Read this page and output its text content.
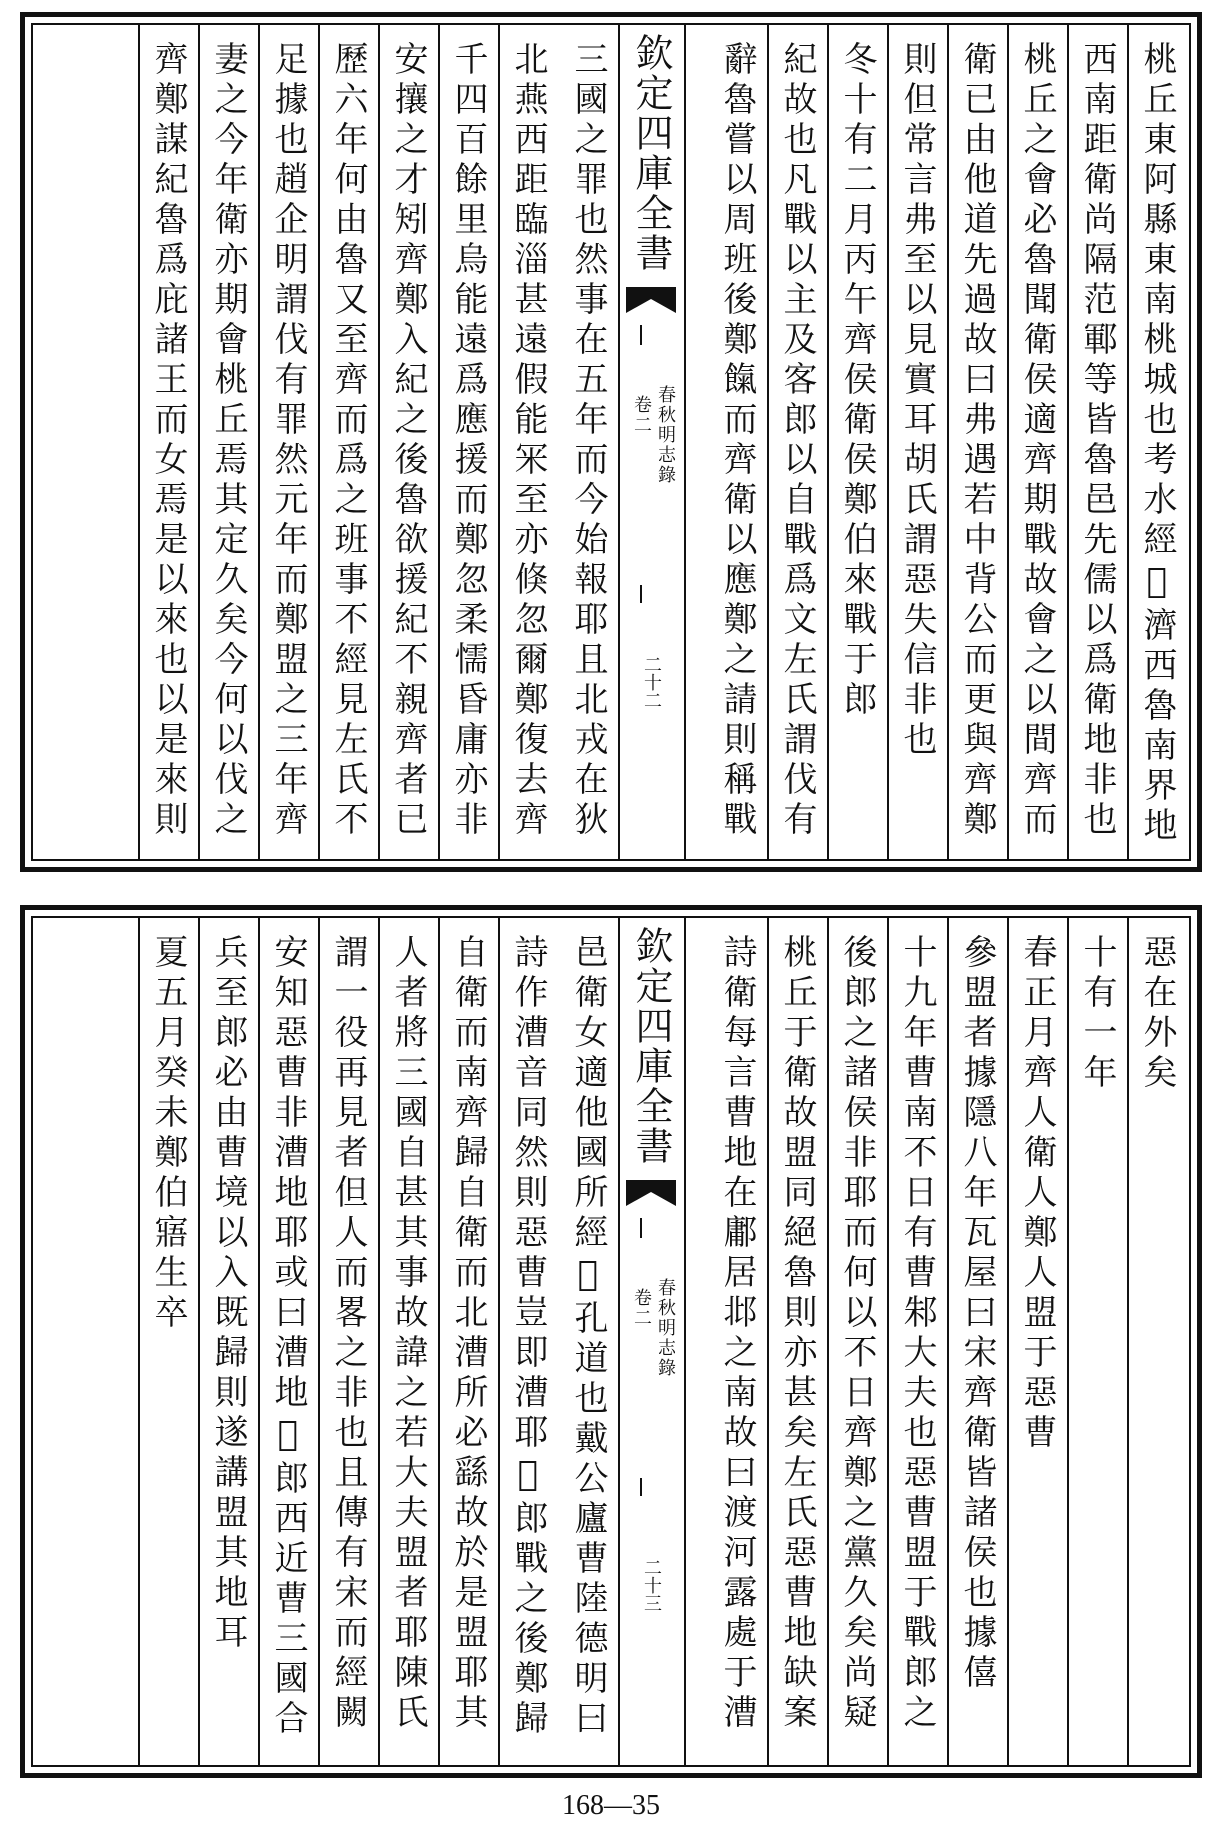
桃丘東阿縣東南桃城也考水經𦶜濟西魯南界地
西南距衛尚隔范鄆等皆魯邑先儒以爲衛地非也
桃丘之會必魯聞衛侯適齊期戰故會之以間齊而
衛已由他道先過故曰弗遇若中背公而更與齊鄭
則但常言弗至以見實耳胡氏謂惡失信非也
冬十有二月丙午齊侯衛侯鄭伯來戰于郎
紀故也凡戰以主及客郎以自戰爲文左氏謂伐有
辭魯嘗以周班後鄭餼而齊衛以應鄭之請則稱戰
欽定四庫全書
春秋明志錄
卷二
二十二
三國之罪也然事在五年而今始報耶且北戎在狄
北燕西距臨淄甚遠假能冞至亦倏忽爾鄭復去齊
千四百餘里烏能遠爲應援而鄭忽柔懦昏庸亦非
安攘之才矧齊鄭入紀之後魯欲援紀不親齊者已
歷六年何由魯又至齊而爲之班事不經見左氏不
足據也趙企明謂伐有罪然元年而鄭盟之三年齊
妻之今年衛亦期會桃丘焉其定久矣今何以伐之
齊鄭謀紀魯爲庇諸王而女焉是以來也以是來則
惡在外矣
十有一年
春正月齊人衛人鄭人盟于惡曹
參盟者據隱八年瓦屋曰宋齊衛皆諸侯也據僖
十九年曹南不日有曹邾大夫也惡曹盟于戰郎之
後郎之諸侯非耶而何以不日齊鄭之黨久矣尚疑
桃丘于衛故盟同絕魯則亦甚矣左氏惡曹地缺案
詩衛每言曹地在鄘居邶之南故曰渡河露處于漕
欽定四庫全書
春秋明志錄
卷二
二十三
邑衛女適他國所經𦶜孔道也戴公廬曹陸德明曰
詩作漕音同然則惡曹豈即漕耶𦶜郎戰之後鄭歸
自衛而南齊歸自衛而北漕所必繇故於是盟耶其
人者將三國自甚其事故諱之若大夫盟者耶陳氏
謂一役再見者但人而畧之非也且傳有宋而經闕
安知惡曹非漕地耶或曰漕地𦶜郎西近曹三國合
兵至郎必由曹境以入既歸則遂講盟其地耳
夏五月癸未鄭伯寤生卒
168—35
